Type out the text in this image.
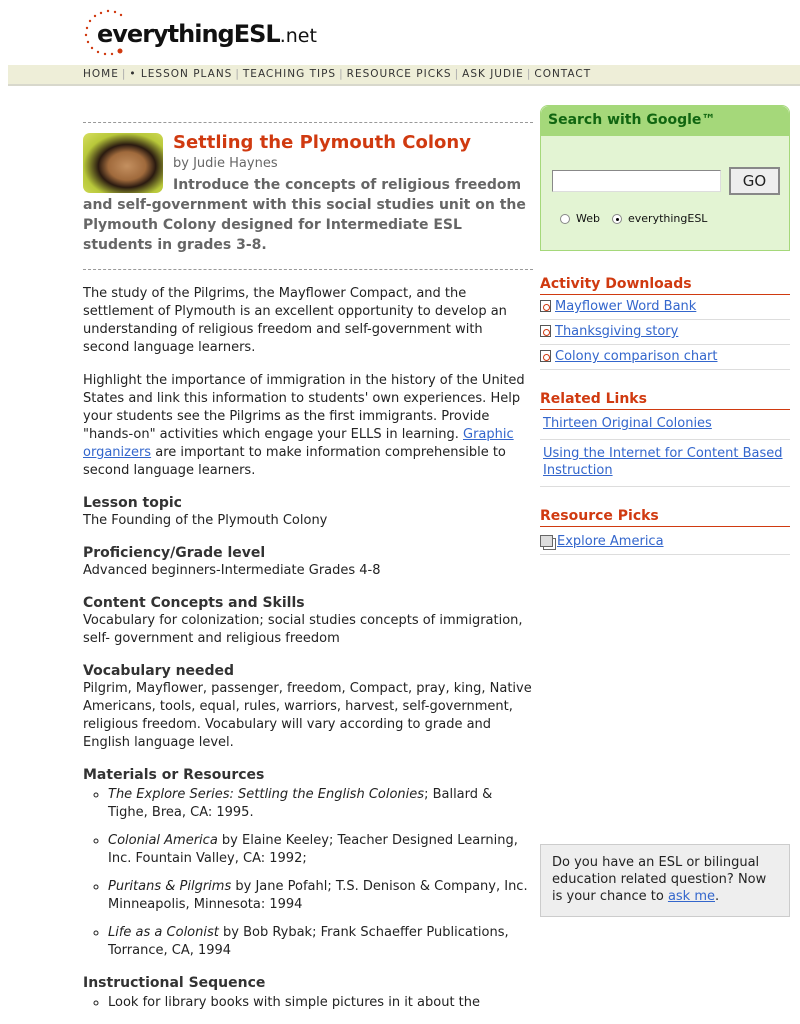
everythingESL.net
HOME | • LESSON PLANS | TEACHING TIPS | RESOURCE PICKS | ASK JUDIE | CONTACT
Settling the Plymouth Colony
by Judie Haynes
Introduce the concepts of religious freedom and self-government with this social studies unit on the Plymouth Colony designed for Intermediate ESL students in grades 3-8.

The study of the Pilgrims, the Mayflower Compact, and the settlement of Plymouth is an excellent opportunity to develop an understanding of religious freedom and self-government with second language learners.

Highlight the importance of immigration in the history of the United States and link this information to students' own experiences. Help your students see the Pilgrims as the first immigrants. Provide "hands-on" activities which engage your ELLS in learning. Graphic organizers are important to make information comprehensible to second language learners.

Lesson topic
The Founding of the Plymouth Colony
Proficiency/Grade level
Advanced beginners-Intermediate Grades 4-8
Content Concepts and Skills
Vocabulary for colonization; social studies concepts of immigration, self- government and religious freedom
Vocabulary needed
Pilgrim, Mayflower, passenger, freedom, Compact, pray, king, Native Americans, tools, equal, rules, warriors, harvest, self-government, religious freedom. Vocabulary will vary according to grade and English language level.
Materials or Resources
◦ The Explore Series: Settling the English Colonies; Ballard & Tighe, Brea, CA: 1995.
◦ Colonial America by Elaine Keeley; Teacher Designed Learning, Inc. Fountain Valley, CA: 1992;
◦ Puritans & Pilgrims by Jane Pofahl; T.S. Denison & Company, Inc. Minneapolis, Minnesota: 1994
◦ Life as a Colonist by Bob Rybak; Frank Schaeffer Publications, Torrance, CA, 1994
Instructional Sequence
◦ Look for library books with simple pictures in it about the
Search with Google™
GO
Web	everythingESL
Activity Downloads
Mayflower Word Bank
Thanksgiving story
Colony comparison chart
Related Links
Thirteen Original Colonies
Using the Internet for Content Based Instruction
Resource Picks
Explore America
Do you have an ESL or bilingual education related question? Now is your chance to ask me.
